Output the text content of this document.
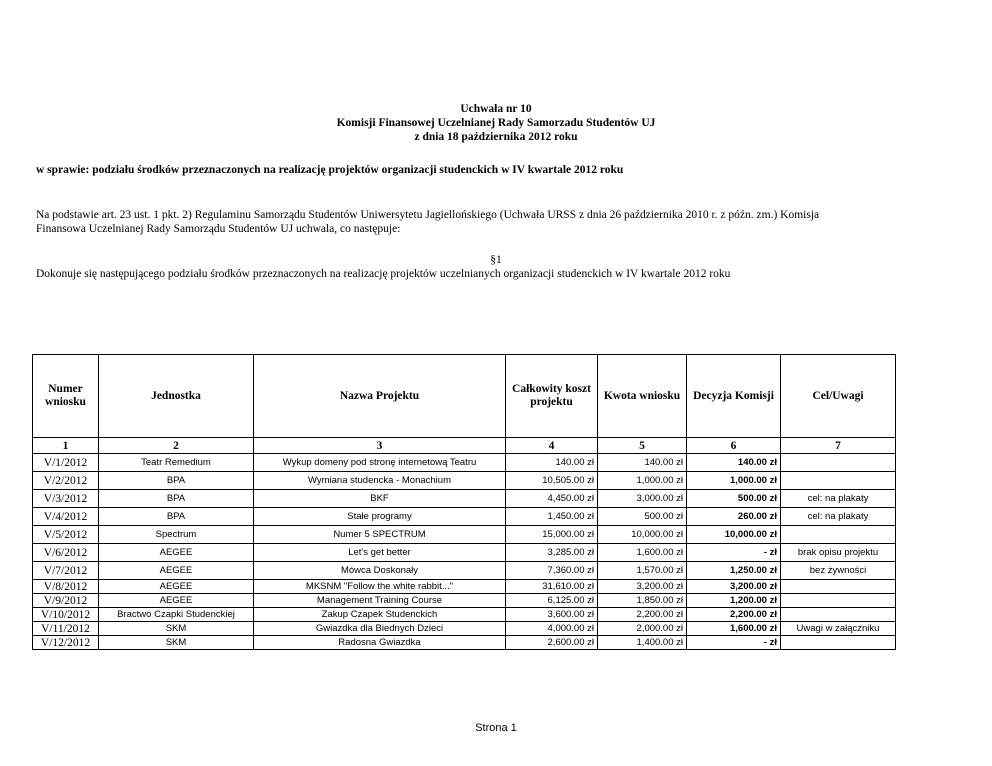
Uchwała nr 10
Komisji Finansowej Uczelnianej Rady Samorzadu Studentów UJ
z dnia 18 października 2012 roku
w sprawie: podziału środków przeznaczonych na realizację projektów organizacji studenckich w IV kwartale 2012 roku
Na podstawie art. 23 ust. 1 pkt. 2) Regulaminu Samorządu Studentów Uniwersytetu Jagiellońskiego (Uchwała URSS z dnia 26 października 2010 r. z późn. zm.) Komisja
Finansowa Uczelnianej Rady Samorządu Studentów UJ uchwala, co następuje:
§1
Dokonuje się następującego podziału środków przeznaczonych na realizację projektów uczelnianych organizacji studenckich w IV kwartale 2012 roku
Numer wniosku	Jednostka	Nazwa Projektu	Całkowity koszt projektu	Kwota wniosku	Decyzja Komisji	Cel/Uwagi
1	2	3	4	5	6	7
V/1/2012	Teatr Remedium	Wykup domeny pod stronę internetową Teatru	140.00 zł	140.00 zł	140.00 zł	
V/2/2012	BPA	Wymiana studencka - Monachium	10,505.00 zł	1,000.00 zł	1,000.00 zł	
V/3/2012	BPA	BKF	4,450.00 zł	3,000.00 zł	500.00 zł	cel: na plakaty
V/4/2012	BPA	Stałe programy	1,450.00 zł	500.00 zł	260.00 zł	cel: na plakaty
V/5/2012	Spectrum	Numer 5 SPECTRUM	15,000.00 zł	10,000.00 zł	10,000.00 zł	
V/6/2012	AEGEE	Let's get better	3,285.00 zł	1,600.00 zł	- zł	brak opisu projektu
V/7/2012	AEGEE	Mówca Doskonały	7,360.00 zł	1,570.00 zł	1,250.00 zł	bez żywności
V/8/2012	AEGEE	MKSNM "Follow the white rabbit..."	31,610.00 zł	3,200.00 zł	3,200.00 zł	
V/9/2012	AEGEE	Management Training Course	6,125.00 zł	1,850.00 zł	1,200.00 zł	
V/10/2012	Bractwo Czapki Studenckiej	Zakup Czapek Studenckich	3,600.00 zł	2,200.00 zł	2,200.00 zł	
V/11/2012	SKM	Gwiazdka dla Biednych Dzieci	4,000.00 zł	2,000.00 zł	1,600.00 zł	Uwagi w załączniku
V/12/2012	SKM	Radosna Gwiazdka	2,600.00 zł	1,400.00 zł	- zł	
Strona 1
